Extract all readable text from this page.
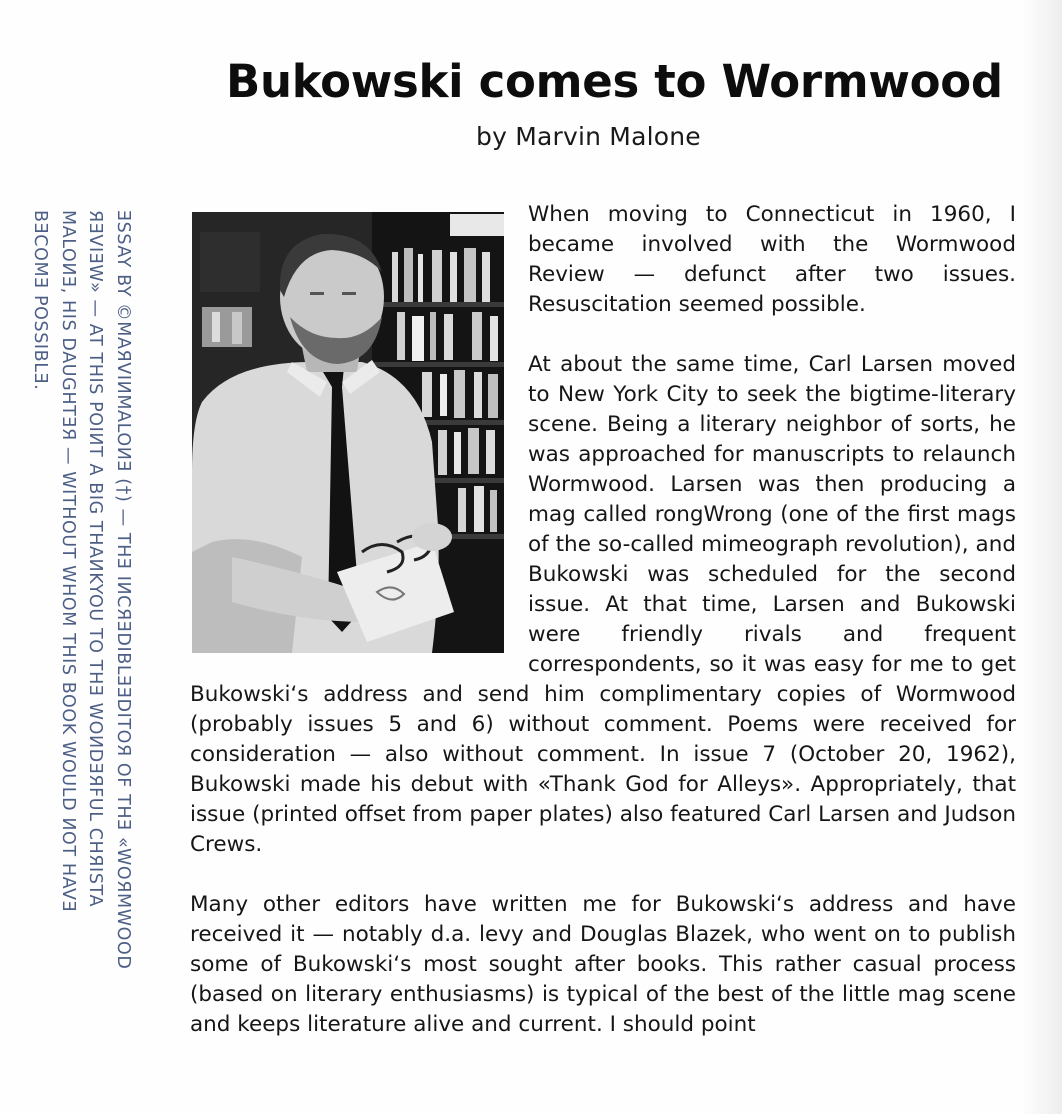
Bukowski comes to Wormwood
by Marvin Malone
ƎSSAY BY ©MAЯVIИMALOИƎ (†) — THƎ IИCЯƎDIBLƎƎDITOЯ OF THƎ «WOЯMWOOD
ЯƎVIƎW» — AT THIS POIИT A BIG THAИKYOU TO THƎ WOИDƎЯFUL CHЯISTA
MALOИƎ, HIS DAUGHTƎЯ — WITHOUT WHOM THIS BOOK WOULD ИOT HAVƎ
BƎCOMƎ POSSIBLƎ.	When moving to Connecticut in 1960, I became involved with the Wormwood Review — defunct after two issues. Resuscitation seemed possible.

At about the same time, Carl Larsen moved to New York City to seek the bigtime-literary scene. Being a literary neighbor of sorts, he was approached for manuscripts to relaunch Wormwood. Larsen was then producing a mag called rongWrong (one of the first mags of the so-called mimeograph revolution), and Bukowski was scheduled for the second issue. At that time, Larsen and Bukowski were friendly rivals and frequent correspondents, so it was easy for me to get Bukowski‘s address and send him complimentary copies of Wormwood (probably issues 5 and 6) without comment. Poems were received for consideration — also without comment. In issue 7 (October 20, 1962), Bukowski made his debut with «Thank God for Alleys». Appropriately, that issue (printed offset from paper plates) also featured Carl Larsen and Judson Crews.

Many other editors have written me for Bukowski‘s address and have received it — notably d.a. levy and Douglas Blazek, who went on to publish some of Bukowski‘s most sought after books. This rather casual process (based on literary enthusiasms) is typical of the best of the little mag scene and keeps literature alive and current. I should point
